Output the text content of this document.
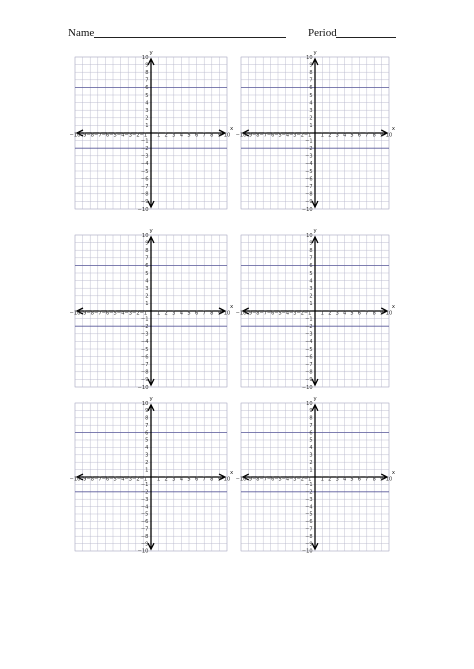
Name	Period
x
y
−10
−9 −8 −7 −6 −5 −4 −3 −2 −1 1 2 3 4 5 6 7 8 9 10
10
9
8
7
6
5
4
3
2
1
−1
−2
−3
−4
−5
−6
−7
−8
−9
−10
x
y
−10
−9 −8 −7 −6 −5 −4 −3 −2 −1 1 2 3 4 5 6 7 8 9 10
10
9
8
7
6
5
4
3
2
1
−1
−2
−3
−4
−5
−6
−7
−8
−9
−10
x
y
−10
−9 −8 −7 −6 −5 −4 −3 −2 −1 1 2 3 4 5 6 7 8 9 10
10
9
8
7
6
5
4
3
2
1
−1
−2
−3
−4
−5
−6
−7
−8
−9
−10
x
y
−10
−9 −8 −7 −6 −5 −4 −3 −2 −1 1 2 3 4 5 6 7 8 9 10
10
9
8
7
6
5
4
3
2
1
−1
−2
−3
−4
−5
−6
−7
−8
−9
−10
x
y
−10
−9 −8 −7 −6 −5 −4 −3 −2 −1 1 2 3 4 5 6 7 8 9 10
10
9
8
7
6
5
4
3
2
1
−1
−2
−3
−4
−5
−6
−7
−8
−9
−10
x
y
−10
−9 −8 −7 −6 −5 −4 −3 −2 −1 1 2 3 4 5 6 7 8 9 10
10
9
8
7
6
5
4
3
2
1
−1
−2
−3
−4
−5
−6
−7
−8
−9
−10
